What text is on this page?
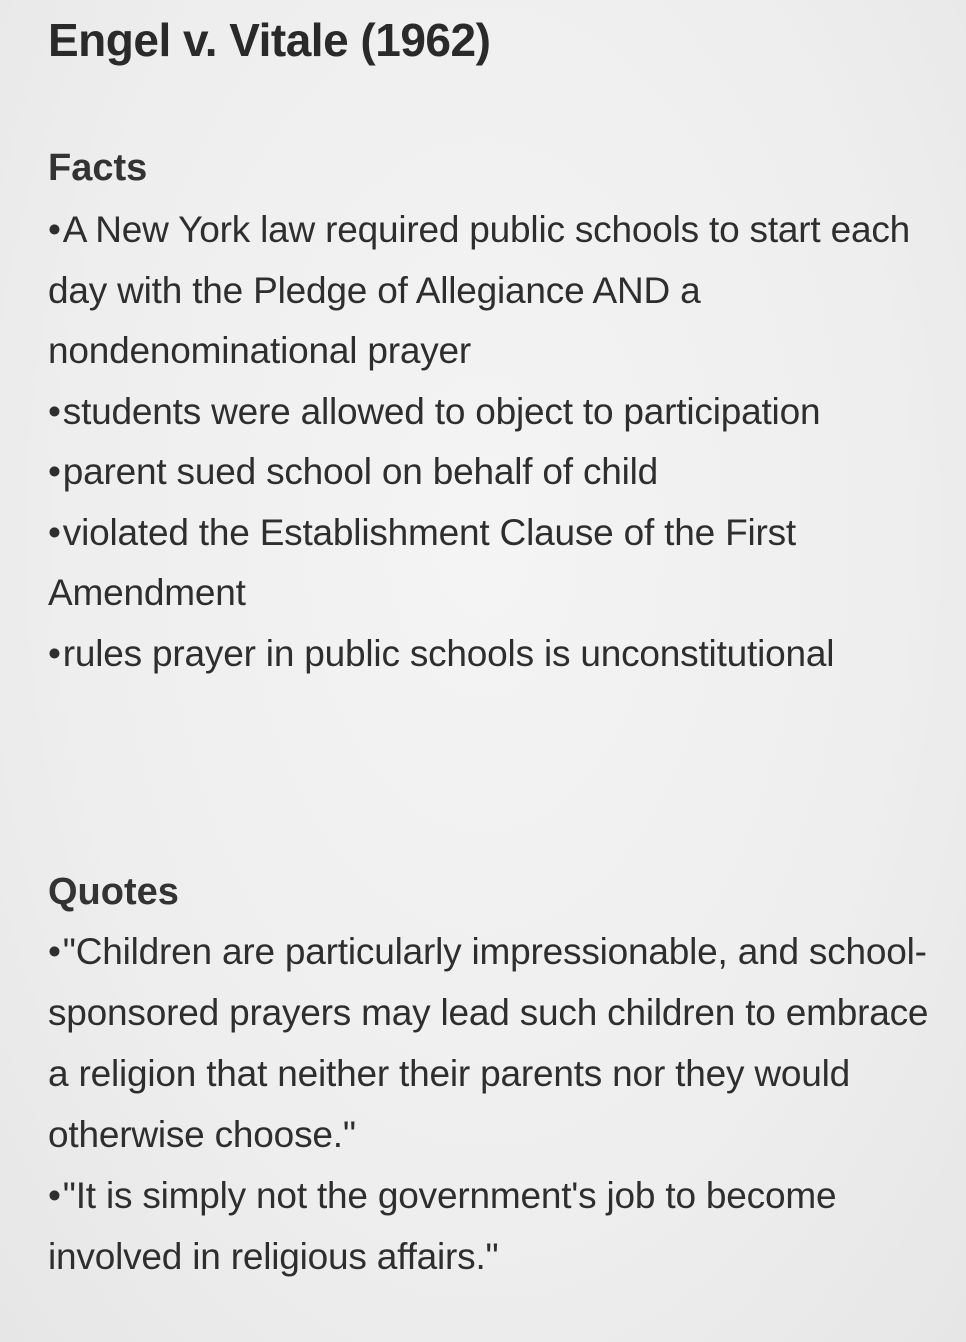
Engel v. Vitale (1962)
Facts
•A New York law required public schools to start each day with the Pledge of Allegiance AND a nondenominational prayer
•students were allowed to object to participation
•parent sued school on behalf of child
•violated the Establishment Clause of the First Amendment
•rules prayer in public schools is unconstitutional
Quotes
•"Children are particularly impressionable, and school-sponsored prayers may lead such children to embrace a religion that neither their parents nor they would otherwise choose."
•"It is simply not the government's job to become involved in religious affairs."
